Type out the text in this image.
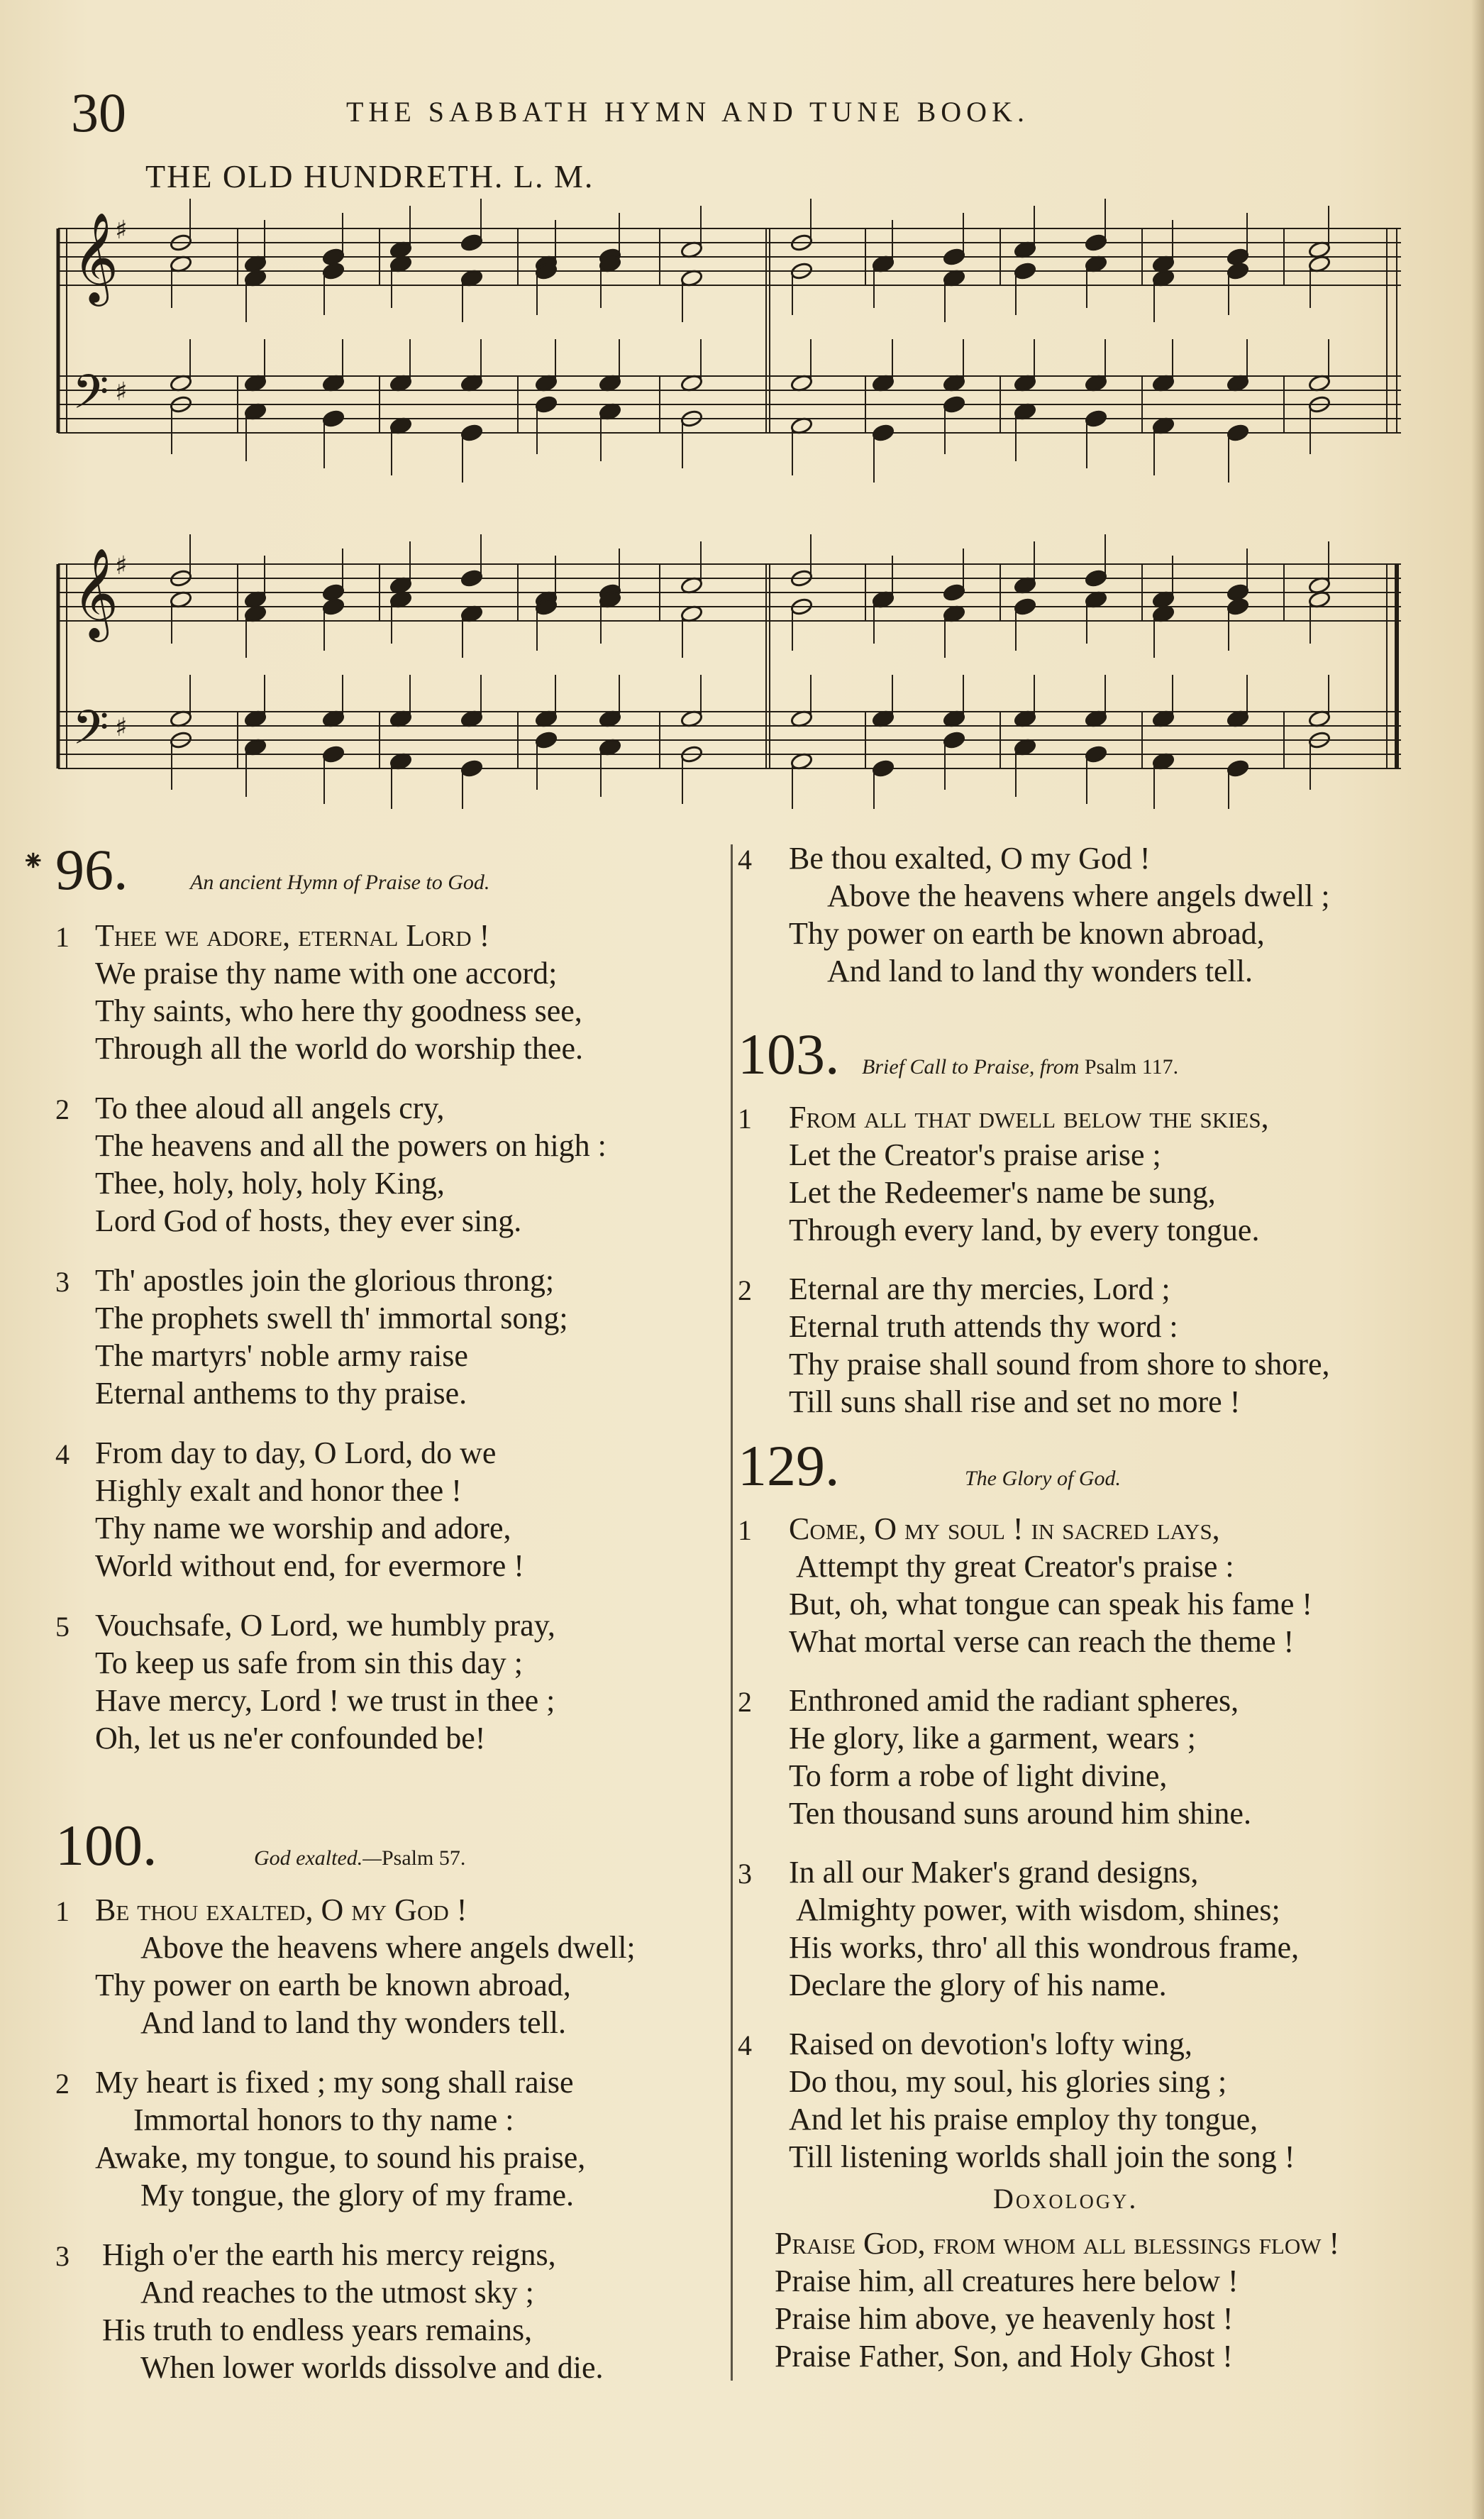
30	THE SABBATH HYMN AND TUNE BOOK.
THE OLD HUNDRETH. L. M.
𝄞
𝄢
♯
♯
𝄞
𝄢
♯
♯
⁕ 96.	An ancient Hymn of Praise to God.
1 Thee we adore, eternal Lord !
We praise thy name with one accord;
Thy saints, who here thy goodness see,
Through all the world do worship thee.
2 To thee aloud all angels cry,
The heavens and all the powers on high :
Thee, holy, holy, holy King,
Lord God of hosts, they ever sing.
3 Th' apostles join the glorious throng;
The prophets swell th' immortal song;
The martyrs' noble army raise
Eternal anthems to thy praise.
4 From day to day, O Lord, do we
Highly exalt and honor thee !
Thy name we worship and adore,
World without end, for evermore !
5 Vouchsafe, O Lord, we humbly pray,
To keep us safe from sin this day ;
Have mercy, Lord ! we trust in thee ;
Oh, let us ne'er confounded be!
100.	God exalted.—Psalm 57.
1 Be thou exalted, O my God !
Above the heavens where angels dwell;
Thy power on earth be known abroad,
And land to land thy wonders tell.
2 My heart is fixed ; my song shall raise
Immortal honors to thy name :
Awake, my tongue, to sound his praise,
My tongue, the glory of my frame.
3 High o'er the earth his mercy reigns,
And reaches to the utmost sky ;
His truth to endless years remains,
When lower worlds dissolve and die.
4 Be thou exalted, O my God !
Above the heavens where angels dwell ;
Thy power on earth be known abroad,
And land to land thy wonders tell.
103. Brief Call to Praise, from Psalm 117.
1 From all that dwell below the skies,
Let the Creator's praise arise ;
Let the Redeemer's name be sung,
Through every land, by every tongue.
2 Eternal are thy mercies, Lord ;
Eternal truth attends thy word :
Thy praise shall sound from shore to shore,
Till suns shall rise and set no more !
129.	The Glory of God.
1 Come, O my soul ! in sacred lays,
Attempt thy great Creator's praise :
But, oh, what tongue can speak his fame !
What mortal verse can reach the theme !
2 Enthroned amid the radiant spheres,
He glory, like a garment, wears ;
To form a robe of light divine,
Ten thousand suns around him shine.
3 In all our Maker's grand designs,
Almighty power, with wisdom, shines;
His works, thro' all this wondrous frame,
Declare the glory of his name.
4 Raised on devotion's lofty wing,
Do thou, my soul, his glories sing ;
And let his praise employ thy tongue,
Till listening worlds shall join the song !
Doxology.
Praise God, from whom all blessings flow !
Praise him, all creatures here below !
Praise him above, ye heavenly host !
Praise Father, Son, and Holy Ghost !
